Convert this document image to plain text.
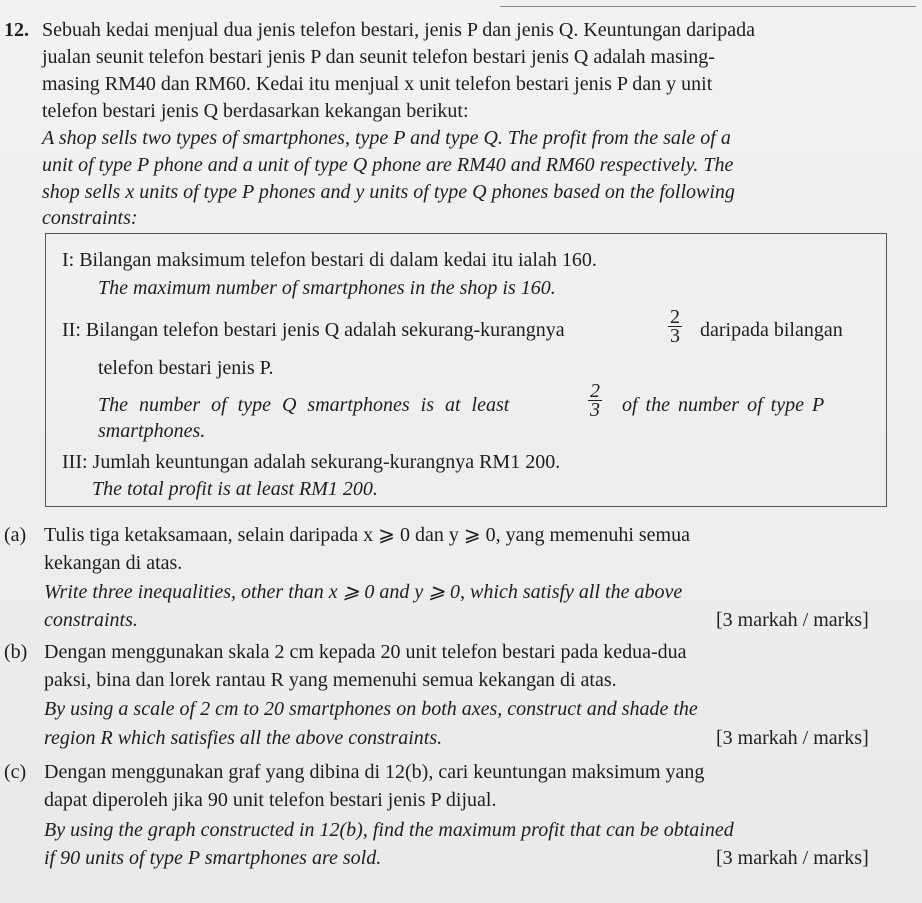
12. Sebuah kedai menjual dua jenis telefon bestari, jenis P dan jenis Q. Keuntungan daripada
jualan seunit telefon bestari jenis P dan seunit telefon bestari jenis Q adalah masing-
masing RM40 dan RM60. Kedai itu menjual x unit telefon bestari jenis P dan y unit
telefon bestari jenis Q berdasarkan kekangan berikut:
A shop sells two types of smartphones, type P and type Q. The profit from the sale of a
unit of type P phone and a unit of type Q phone are RM40 and RM60 respectively. The
shop sells x units of type P phones and y units of type Q phones based on the following
constraints:
I: Bilangan maksimum telefon bestari di dalam kedai itu ialah 160.
The maximum number of smartphones in the shop is 160.
II: Bilangan telefon bestari jenis Q adalah sekurang-kurangnya	$\frac{2}{3}$ daripada bilangan
telefon bestari jenis P.
The number of type Q smartphones is at least	$\frac{2}{3}$ of the number of type P
smartphones.
III: Jumlah keuntungan adalah sekurang-kurangnya RM1 200.
The total profit is at least RM1 200.
(a) Tulis tiga ketaksamaan, selain daripada x ⩾ 0 dan y ⩾ 0, yang memenuhi semua
kekangan di atas.
Write three inequalities, other than x ⩾ 0 and y ⩾ 0, which satisfy all the above
constraints.	[3 markah / marks]
(b) Dengan menggunakan skala 2 cm kepada 20 unit telefon bestari pada kedua-dua
paksi, bina dan lorek rantau R yang memenuhi semua kekangan di atas.
By using a scale of 2 cm to 20 smartphones on both axes, construct and shade the
region R which satisfies all the above constraints.	[3 markah / marks]
(c) Dengan menggunakan graf yang dibina di 12(b), cari keuntungan maksimum yang
dapat diperoleh jika 90 unit telefon bestari jenis P dijual.
By using the graph constructed in 12(b), find the maximum profit that can be obtained
if 90 units of type P smartphones are sold.	[3 markah / marks]
